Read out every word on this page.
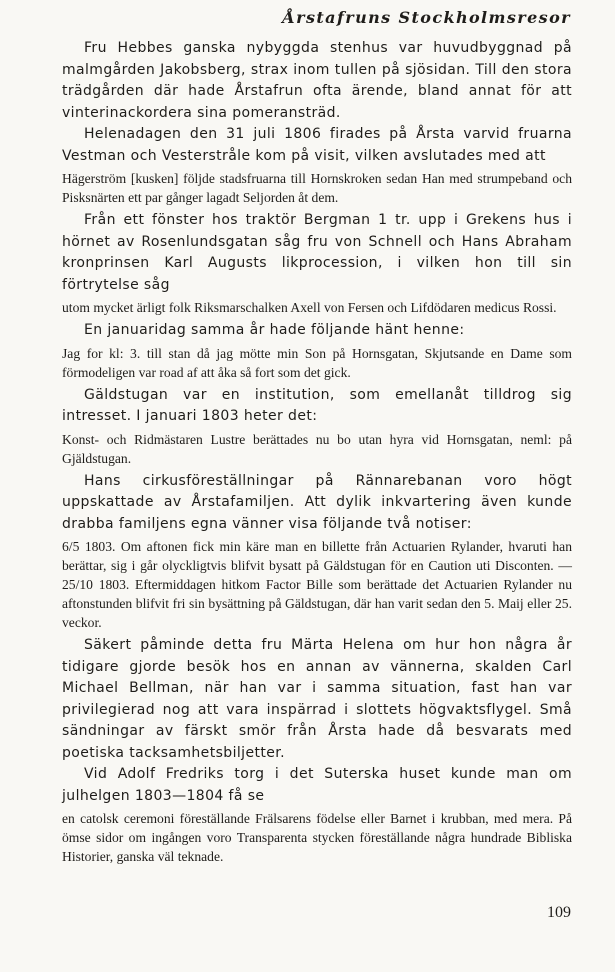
Årstafruns Stockholmsresor

Fru Hebbes ganska nybyggda stenhus var huvudbyggnad på malmgården Jakobsberg, strax inom tullen på sjösidan. Till den stora trädgården där hade Årstafrun ofta ärende, bland annat för att vinterinackordera sina pomeransträd.

Helenadagen den 31 juli 1806 firades på Årsta varvid fruarna Vestman och Vesterstråle kom på visit, vilken avslutades med att

Hägerström [kusken] följde stadsfruarna till Hornskroken sedan Han med strumpeband och Pisksnärten ett par gånger lagadt Seljorden åt dem.

Från ett fönster hos traktör Bergman 1 tr. upp i Grekens hus i hörnet av Rosenlundsgatan såg fru von Schnell och Hans Abraham kronprinsen Karl Augusts likprocession, i vilken hon till sin förtrytelse såg

utom mycket ärligt folk Riksmarschalken Axell von Fersen och Lifdödaren medicus Rossi.

En januaridag samma år hade följande hänt henne:

Jag for kl: 3. till stan då jag mötte min Son på Hornsgatan, Skjutsande en Dame som förmodeligen var road af att åka så fort som det gick.

Gäldstugan var en institution, som emellanåt tilldrog sig intresset. I januari 1803 heter det:

Konst- och Ridmästaren Lustre berättades nu bo utan hyra vid Hornsgatan, neml: på Gjäldstugan.

Hans cirkusföreställningar på Rännarebanan voro högt uppskattade av Årstafamiljen. Att dylik inkvartering även kunde drabba familjens egna vänner visa följande två notiser:

6/5 1803. Om aftonen fick min käre man en billette från Actuarien Rylander, hvaruti han berättar, sig i går olyckligtvis blifvit bysatt på Gäldstugan för en Caution uti Disconten. — 25/10 1803. Eftermiddagen hitkom Factor Bille som berättade det Actuarien Rylander nu aftonstunden blifvit fri sin bysättning på Gäldstugan, där han varit sedan den 5. Maij eller 25. veckor.

Säkert påminde detta fru Märta Helena om hur hon några år tidigare gjorde besök hos en annan av vännerna, skalden Carl Michael Bellman, när han var i samma situation, fast han var privilegierad nog att vara inspärrad i slottets högvaktsflygel. Små sändningar av färskt smör från Årsta hade då besvarats med poetiska tacksamhetsbiljetter.

Vid Adolf Fredriks torg i det Suterska huset kunde man om julhelgen 1803—1804 få se

en catolsk ceremoni föreställande Frälsarens födelse eller Barnet i krubban, med mera. På ömse sidor om ingången voro Transparenta stycken föreställande några hundrade Bibliska Historier, ganska väl teknade.

109
